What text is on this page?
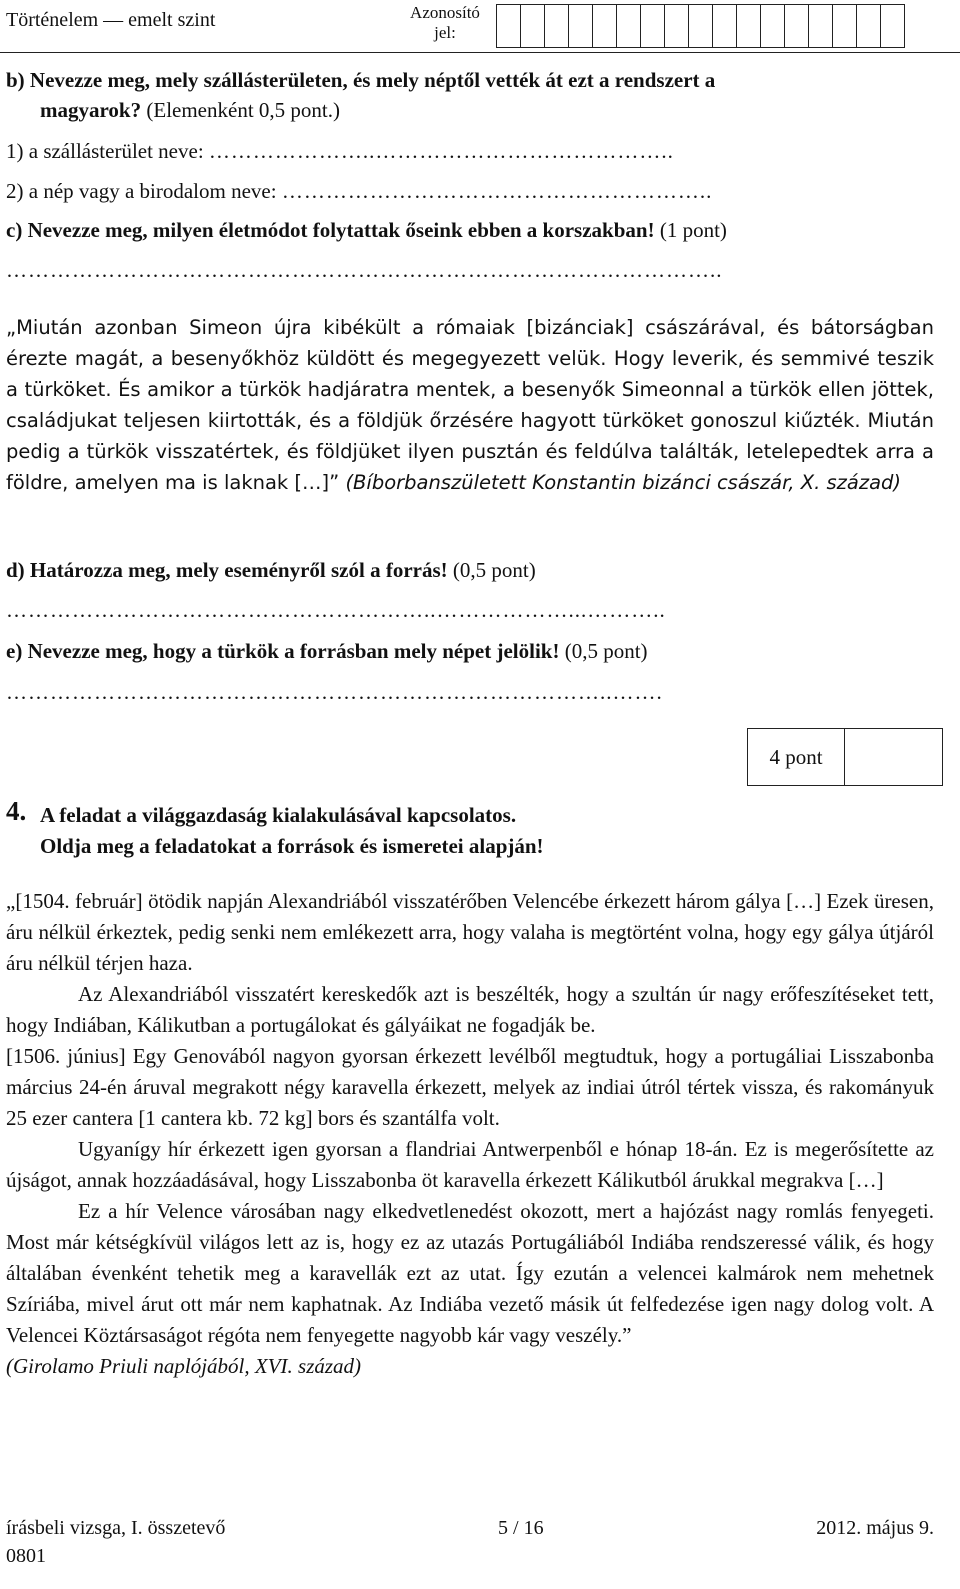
Történelem — emelt szint	Azonosító
jel:
b) Nevezze meg, mely szállásterületen, és mely néptől vették át ezt a rendszert a
magyarok? (Elemenként 0,5 pont.)
1) a szállásterület neve: …………………..…………………………………..
2) a nép vagy a birodalom neve: …………………………………………………..
c) Nevezze meg, milyen életmódot folytattak őseink ebben a korszakban! (1 pont)
……………………………………………………………………………………..

„Miután azonban Simeon újra kibékült a rómaiak [bizánciak] császárával, és bátorságban érezte magát, a besenyőkhöz küldött és megegyezett velük. Hogy leverik, és semmivé teszik a türköket. És amikor a türkök hadjáratra mentek, a besenyők Simeonnal a türkök ellen jöttek, családjukat teljesen kiirtották, és a földjük őrzésére hagyott türköket gonoszul kiűzték. Miután pedig a türkök visszatértek, és földjüket ilyen pusztán és feldúlva találták, letelepedtek arra a földre, amelyen ma is laknak […]” (Bíborbanszületett Konstantin bizánci császár, X. század)

d) Határozza meg, mely eseményről szól a forrás! (0,5 pont)
…………………………………………………..………………...………..
e) Nevezze meg, hogy a türkök a forrásban mely népet jelölik! (0,5 pont)
………………………………………………………………………..…….
4 pont
4. A feladat a világgazdaság kialakulásával kapcsolatos.
Oldja meg a feladatokat a források és ismeretei alapján!

„[1504. február] ötödik napján Alexandriából visszatérőben Velencébe érkezett három gálya […] Ezek üresen, áru nélkül érkeztek, pedig senki nem emlékezett arra, hogy valaha is megtörtént volna, hogy egy gálya útjáról áru nélkül térjen haza.

Az Alexandriából visszatért kereskedők azt is beszélték, hogy a szultán úr nagy erőfeszítéseket tett, hogy Indiában, Kálikutban a portugálokat és gályáikat ne fogadják be.

[1506. június] Egy Genovából nagyon gyorsan érkezett levélből megtudtuk, hogy a portugáliai Lisszabonba március 24-én áruval megrakott négy karavella érkezett, melyek az indiai útról tértek vissza, és rakományuk 25 ezer cantera [1 cantera kb. 72 kg] bors és szantálfa volt.

Ugyanígy hír érkezett igen gyorsan a flandriai Antwerpenből e hónap 18-án. Ez is megerősítette az újságot, annak hozzáadásával, hogy Lisszabonba öt karavella érkezett Kálikutból árukkal megrakva […]

Ez a hír Velence városában nagy elkedvetlenedést okozott, mert a hajózást nagy romlás fenyegeti. Most már kétségkívül világos lett az is, hogy ez az utazás Portugáliából Indiába rendszeressé válik, és hogy általában évenként tehetik meg a karavellák ezt az utat. Így ezután a velencei kalmárok nem mehetnek Szíriába, mivel árut ott már nem kaphatnak. Az Indiába vezető másik út felfedezése igen nagy dolog volt. A Velencei Köztársaságot régóta nem fenyegette nagyobb kár vagy veszély.”

(Girolamo Priuli naplójából, XVI. század)

írásbeli vizsga, I. összetevő	5 / 16	2012. május 9.
0801
